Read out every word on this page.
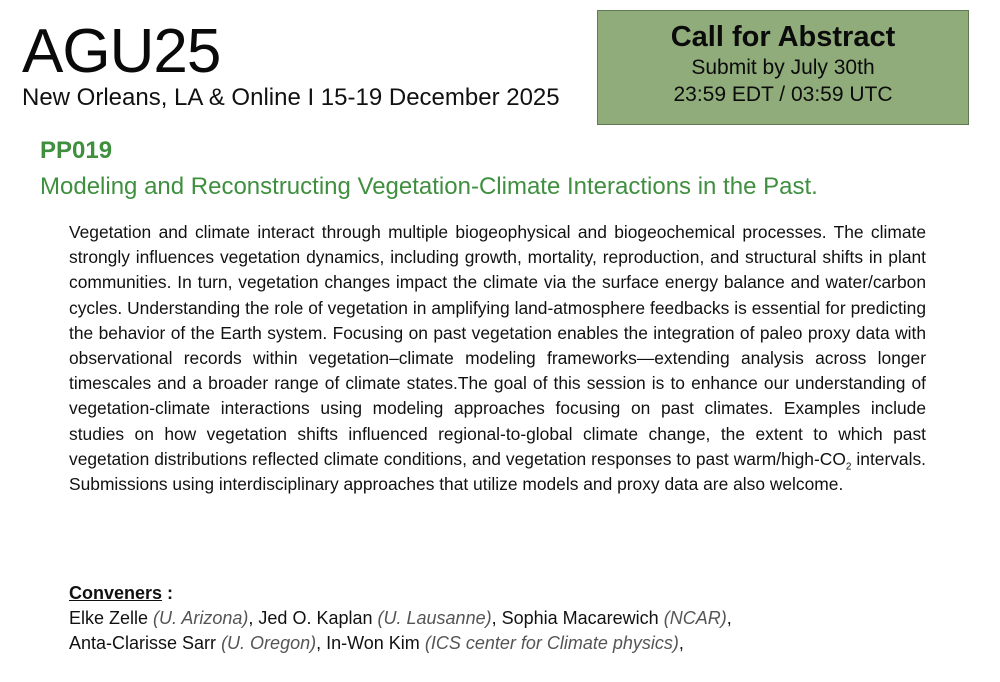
AGU25
New Orleans, LA & Online I 15-19 December 2025
Call for Abstract
Submit by July 30th
23:59 EDT / 03:59 UTC
PP019
Modeling and Reconstructing Vegetation-Climate Interactions in the Past.

Vegetation and climate interact through multiple biogeophysical and biogeochemical processes. The climate strongly influences vegetation dynamics, including growth, mortality, reproduction, and structural shifts in plant communities. In turn, vegetation changes impact the climate via the surface energy balance and water/carbon cycles. Understanding the role of vegetation in amplifying land-atmosphere feedbacks is essential for predicting the behavior of the Earth system. Focusing on past vegetation enables the integration of paleo proxy data with observational records within vegetation–climate modeling frameworks—extending analysis across longer timescales and a broader range of climate states.The goal of this session is to enhance our understanding of vegetation-climate interactions using modeling approaches focusing on past climates. Examples include studies on how vegetation shifts influenced regional-to-global climate change, the extent to which past vegetation distributions reflected climate conditions, and vegetation responses to past warm/$high-CO_2$ intervals. Submissions using interdisciplinary approaches that utilize models and proxy data are also welcome.

Conveners :
Elke Zelle (U. Arizona), Jed O. Kaplan (U. Lausanne), Sophia Macarewich (NCAR),
Anta-Clarisse Sarr (U. Oregon), In-Won Kim (ICS center for Climate physics),
